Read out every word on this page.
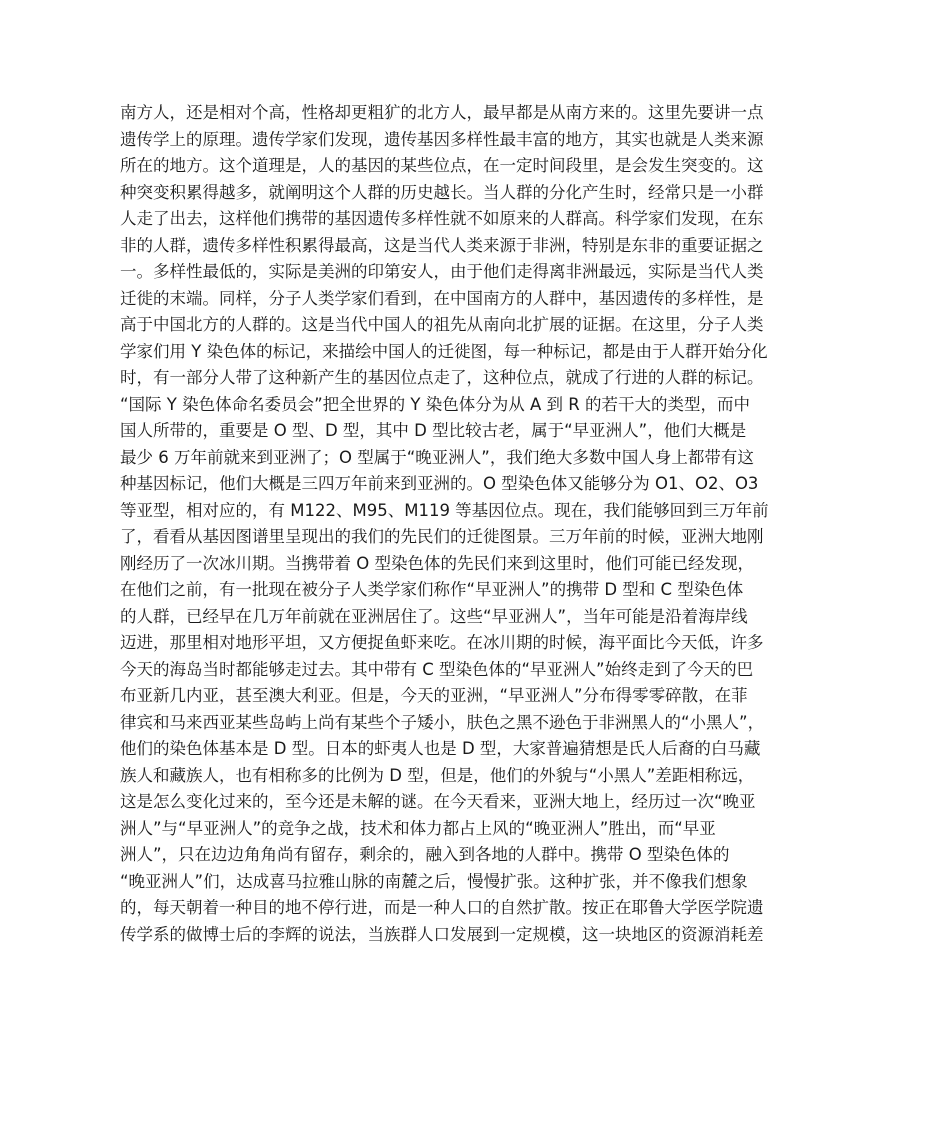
南方人，还是相对个高，性格却更粗犷的北方人，最早都是从南方来的。这里先要讲一点
遗传学上的原理。遗传学家们发现，遗传基因多样性最丰富的地方，其实也就是人类来源
所在的地方。这个道理是，人的基因的某些位点，在一定时间段里，是会发生突变的。这
种突变积累得越多，就阐明这个人群的历史越长。当人群的分化产生时，经常只是一小群
人走了出去，这样他们携带的基因遗传多样性就不如原来的人群高。科学家们发现，在东
非的人群，遗传多样性积累得最高，这是当代人类来源于非洲，特别是东非的重要证据之
一。多样性最低的，实际是美洲的印第安人，由于他们走得离非洲最远，实际是当代人类
迁徙的末端。同样，分子人类学家们看到，在中国南方的人群中，基因遗传的多样性，是
高于中国北方的人群的。这是当代中国人的祖先从南向北扩展的证据。在这里，分子人类
学家们用 Y 染色体的标记，来描绘中国人的迁徙图，每一种标记，都是由于人群开始分化
时，有一部分人带了这种新产生的基因位点走了，这种位点，就成了行进的人群的标记。
“国际 Y 染色体命名委员会”把全世界的 Y 染色体分为从 A 到 R 的若干大的类型，而中
国人所带的，重要是 O 型、D 型，其中 D 型比较古老，属于“早亚洲人”，他们大概是
最少 6 万年前就来到亚洲了；O 型属于“晚亚洲人”，我们绝大多数中国人身上都带有这
种基因标记，他们大概是三四万年前来到亚洲的。O 型染色体又能够分为 O1、O2、O3
等亚型，相对应的，有 M122、M95、M119 等基因位点。现在，我们能够回到三万年前
了，看看从基因图谱里呈现出的我们的先民们的迁徙图景。三万年前的时候，亚洲大地刚
刚经历了一次冰川期。当携带着 O 型染色体的先民们来到这里时，他们可能已经发现，
在他们之前，有一批现在被分子人类学家们称作“早亚洲人”的携带 D 型和 C 型染色体
的人群，已经早在几万年前就在亚洲居住了。这些“早亚洲人”，当年可能是沿着海岸线
迈进，那里相对地形平坦，又方便捉鱼虾来吃。在冰川期的时候，海平面比今天低，许多
今天的海岛当时都能够走过去。其中带有 C 型染色体的“早亚洲人”始终走到了今天的巴
布亚新几内亚，甚至澳大利亚。但是，今天的亚洲，“早亚洲人”分布得零零碎散，在菲
律宾和马来西亚某些岛屿上尚有某些个子矮小，肤色之黑不逊色于非洲黑人的“小黑人”，
他们的染色体基本是 D 型。日本的虾夷人也是 D 型，大家普遍猜想是氏人后裔的白马藏
族人和藏族人，也有相称多的比例为 D 型，但是，他们的外貌与“小黑人”差距相称远，
这是怎么变化过来的，至今还是未解的谜。在今天看来，亚洲大地上，经历过一次“晚亚
洲人”与“早亚洲人”的竞争之战，技术和体力都占上风的“晚亚洲人”胜出，而“早亚
洲人”，只在边边角角尚有留存，剩余的，融入到各地的人群中。携带 O 型染色体的
“晚亚洲人”们，达成喜马拉雅山脉的南麓之后，慢慢扩张。这种扩张，并不像我们想象
的，每天朝着一种目的地不停行进，而是一种人口的自然扩散。按正在耶鲁大学医学院遗
传学系的做博士后的李辉的说法，当族群人口发展到一定规模，这一块地区的资源消耗差
